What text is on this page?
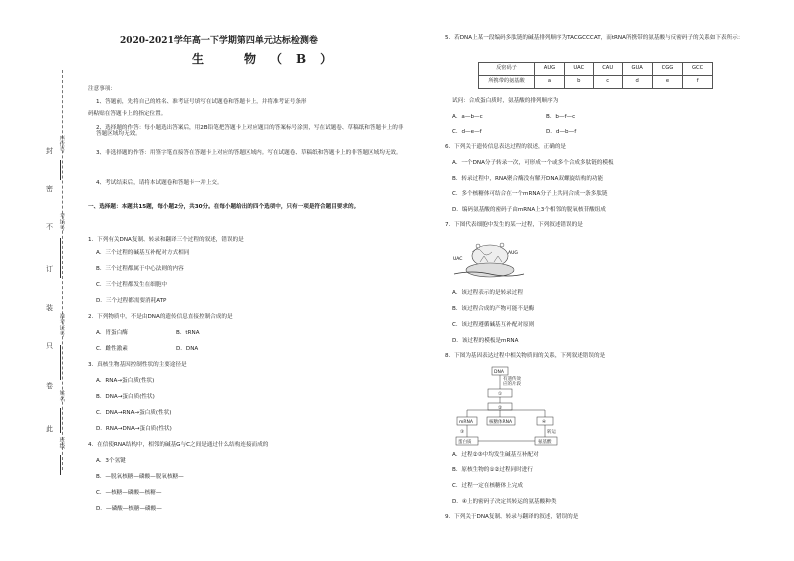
封
密
不
订
装
只
卷
此
座位号
考场号
准考证号
姓名
班级
2020-2021学年高一下学期第四单元达标检测卷
生　物（B）
注意事项：
1、答题前，先将自己的姓名、准考证号填写在试题卷和答题卡上，并将准考证号条形
码粘贴在答题卡上的指定位置。
2、选择题的作答：每小题选出答案后，用2B铅笔把答题卡上对应题目的答案标号涂黑，写在试题卷、草稿纸和答题卡上的非答题区域均无效。
3、非选择题的作答：用签字笔直接答在答题卡上对应的答题区域内。写在试题卷、草稿纸和答题卡上的非答题区域均无效。
4、考试结束后，请将本试题卷和答题卡一并上交。
一、选择题：本题共15题，每小题2分，共30分。在每小题给出的四个选项中，只有一项是符合题目要求的。
1．下列有关DNA复制、转录和翻译三个过程的叙述，错误的是
A．三个过程的碱基互补配对方式相同
B．三个过程都属于中心法则的内容
C．三个过程都发生在细胞中
D．三个过程都需要消耗ATP
2．下列物质中，不是由DNA的遗传信息直接控制合成的是
A．胃蛋白酶	B．tRNA
C．雌性激素	D．DNA
3．真核生物基因控制性状的主要途径是
A．RNA→蛋白质(性状)
B．DNA→蛋白质(性状)
C．DNA→RNA→蛋白质(性状)
D．RNA→DNA→蛋白质(性状)
4．在信使RNA结构中，相邻的碱基G与C之间是通过什么结构连接而成的
A．3个氢键
B．—脱氧核糖—磷酸—脱氧核糖—
C．—核糖—磷酸—核糖—
D．—磷酸—核糖—磷酸—
5．若DNA上某一段编码多肽链的碱基排列顺序为TACGCCCAT，而tRNA所携带的氨基酸与反密码子的关系如下表所示：
反密码子	AUG	UAC	CAU	GUA	CGG	GCC
所携带的氨基酸	a	b	c	d	e	f
试问：合成蛋白质时，氨基酸的排列顺序为
A．a—b—c	B．b—f—c
C．d—e—f	D．d—b—f
6．下列关于遗传信息表达过程的叙述，正确的是
A．一个DNA分子转录一次，可形成一个或多个合成多肽链的模板
B．转录过程中，RNA聚合酶没有解开DNA双螺旋结构的功能
C．多个核糖体可结合在一个mRNA分子上共同合成一条多肽链
D．编码氨基酸的密码子由mRNA上3个相邻的脱氧核苷酸组成
7．下图代表细胞中发生的某一过程，下列叙述错误的是
UAC
AUG
A．该过程表示的是转录过程
B．该过程合成的产物可能不是酶
C．该过程遵循碱基互补配对原则
D．该过程的模板是mRNA
8．下图为基因表达过程中相关物质间的关系，下列叙述错误的是
DNA
有遗传效
应的片段
①
②
mRNA	核糖体RNA	④
③	转运
蛋白质	氨基酸
A．过程②③中均发生碱基互补配对
B．原核生物的①②过程同时进行
C．过程一定在核糖体上完成
D．④上的密码子决定其转运的氨基酸种类
9．下列关于DNA复制、转录与翻译的叙述，错误的是
